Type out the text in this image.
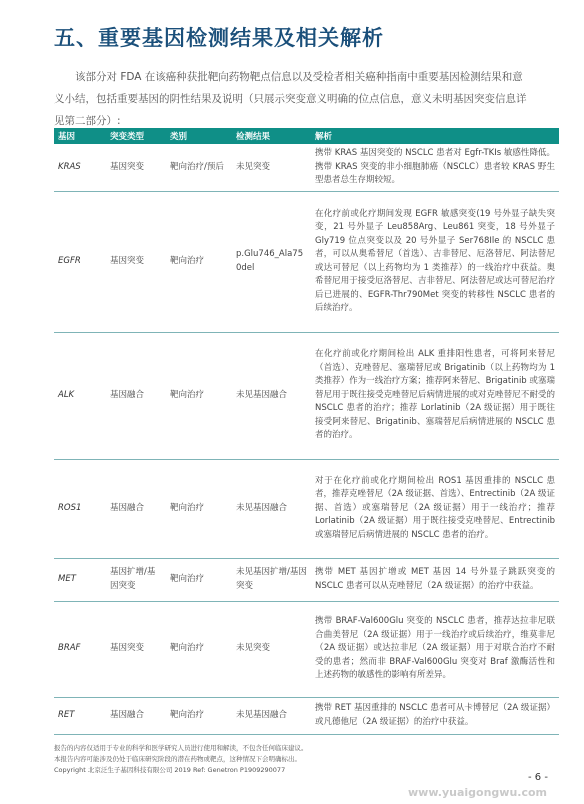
五、重要基因检测结果及相关解析
该部分对 FDA 在该癌种获批靶向药物靶点信息以及受检者相关癌种指南中重要基因检测结果和意义小结，包括重要基因的阴性结果及说明（只展示突变意义明确的位点信息，意义未明基因突变信息详见第二部分）:
基因	突变类型	类别	检测结果	解析
KRAS	基因突变	靶向治疗/预后	未见突变	携带 KRAS 基因突变的 NSCLC 患者对 Egfr-TKIs 敏感性降低。携带 KRAS 突变的非小细胞肺癌（NSCLC）患者较 KRAS 野生型患者总生存期较短。
EGFR	基因突变	靶向治疗	p.Glu746_Ala750del	在化疗前或化疗期间发现 EGFR 敏感突变(19 号外显子缺失突变，21 号外显子 Leu858Arg、Leu861 突变，18 号外显子 Gly719 位点突变以及 20 号外显子 Ser768Ile 的 NSCLC 患者，可以从奥希替尼（首选）、吉非替尼、厄洛替尼、阿法替尼或达可替尼（以上药物均为 1 类推荐）的一线治疗中获益。奥希替尼用于接受厄洛替尼、吉非替尼、阿法替尼或达可替尼治疗后已进展的、EGFR-Thr790Met 突变的转移性 NSCLC 患者的后续治疗。
ALK	基因融合	靶向治疗	未见基因融合	在化疗前或化疗期间检出 ALK 重排阳性患者，可将阿来替尼（首选）、克唑替尼、塞瑞替尼或 Brigatinib（以上药物均为 1 类推荐）作为一线治疗方案；推荐阿来替尼、Brigatinib 或塞瑞替尼用于既往接受克唑替尼后病情进展的或对克唑替尼不耐受的 NSCLC 患者的治疗；推荐 Lorlatinib（2A 级证据）用于既往接受阿来替尼、Brigatinib、塞瑞替尼后病情进展的 NSCLC 患者的治疗。
ROS1	基因融合	靶向治疗	未见基因融合	对于在化疗前或化疗期间检出 ROS1 基因重排的 NSCLC 患者，推荐克唑替尼（2A 级证据、首选）、Entrectinib（2A 级证据、首选）或塞瑞替尼（2A 级证据）用于一线治疗；推荐 Lorlatinib（2A 级证据）用于既往接受克唑替尼、Entrectinib 或塞瑞替尼后病情进展的 NSCLC 患者的治疗。
MET	基因扩增/基因突变	靶向治疗	未见基因扩增/基因突变	携带 MET 基因扩增或 MET 基因 14 号外显子跳跃突变的 NSCLC 患者可以从克唑替尼（2A 级证据）的治疗中获益。
BRAF	基因突变	靶向治疗	未见突变	携带 BRAF-Val600Glu 突变的 NSCLC 患者，推荐达拉非尼联合曲美替尼（2A 级证据）用于一线治疗或后续治疗，维莫非尼（2A 级证据）或达拉非尼（2A 级证据）用于对联合治疗不耐受的患者；然而非 BRAF-Val600Glu 突变对 Braf 激酶活性和上述药物的敏感性的影响有所差异。
RET	基因融合	靶向治疗	未见基因融合	携带 RET 基因重排的 NSCLC 患者可从卡博替尼（2A 级证据）或凡德他尼（2A 级证据）的治疗中获益。
报告的内容仅适用于专业的科学和医学研究人员进行使用和解读，不包含任何临床建议。
本报告内容可能涉及仍处于临床研究阶段的潜在药物或靶点，这种情况下会明确标出。
Copyright 北京泛生子基因科技有限公司 2019 Ref: Genetron P1909290077
- 6 -
www.yuaigongwu.com
